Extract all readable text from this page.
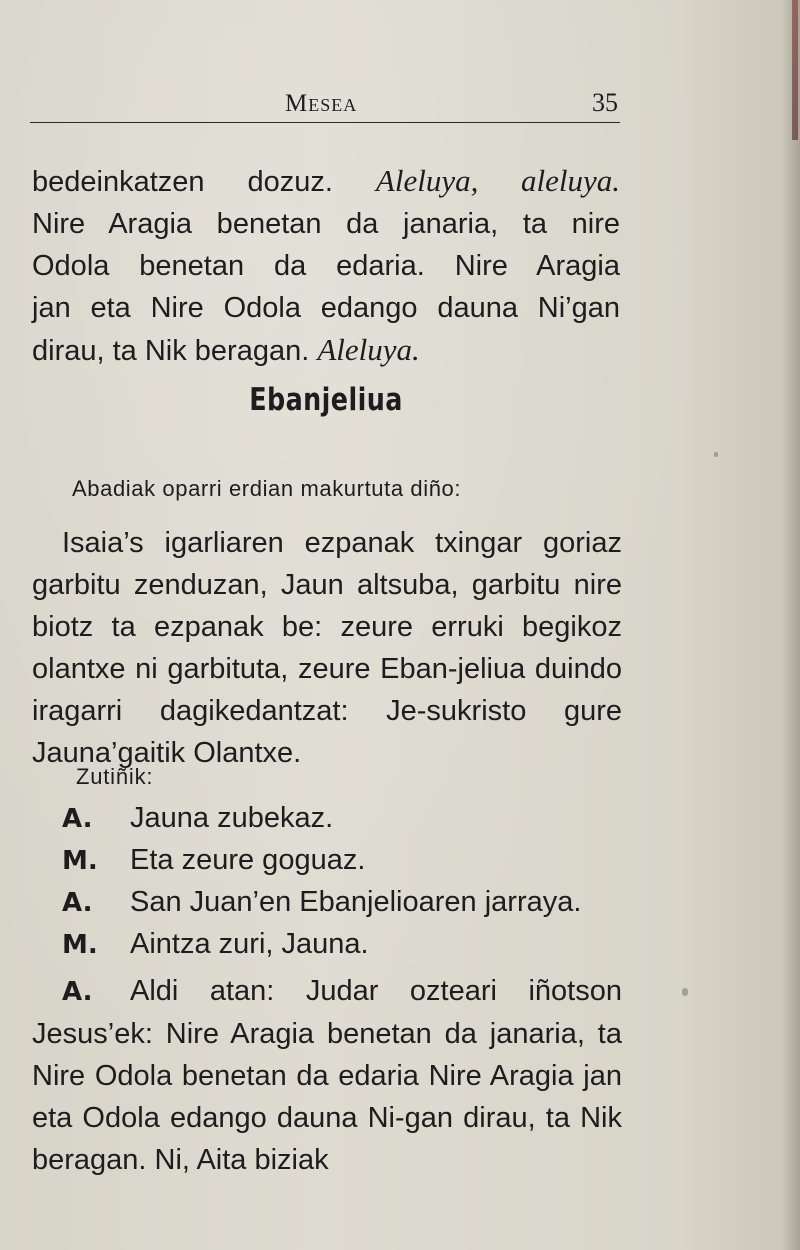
Mesea	35

bedeinkatzen dozuz. Aleluya, aleluya.

Nire Aragia benetan da janaria, ta nire

Odola benetan da edaria. Nire Aragia

jan eta Nire Odola edango dauna Ni’gan

dirau, ta Nik beragan. Aleluya.

Ebanjeliua
Abadiak oparri erdian makurtuta diño:

Isaia’s igarliaren ezpanak txingar goriaz garbitu zenduzan, Jaun altsuba, garbitu nire biotz ta ezpanak be: zeure erruki begikoz olantxe ni garbituta, zeure Eban-jeliua duindo iragarri dagikedantzat: Je-sukristo gure Jauna’gaitik Olantxe.

Zutiñik:
A. Jauna zubekaz.
M. Eta zeure goguaz.
A. San Juan’en Ebanjelioaren jarraya.
M. Aintza zuri, Jauna.

A. Aldi atan: Judar ozteari iñotson Jesus’ek: Nire Aragia benetan da janaria, ta Nire Odola benetan da edaria Nire Aragia jan eta Odola edango dauna Ni-gan dirau, ta Nik beragan. Ni, Aita biziak
